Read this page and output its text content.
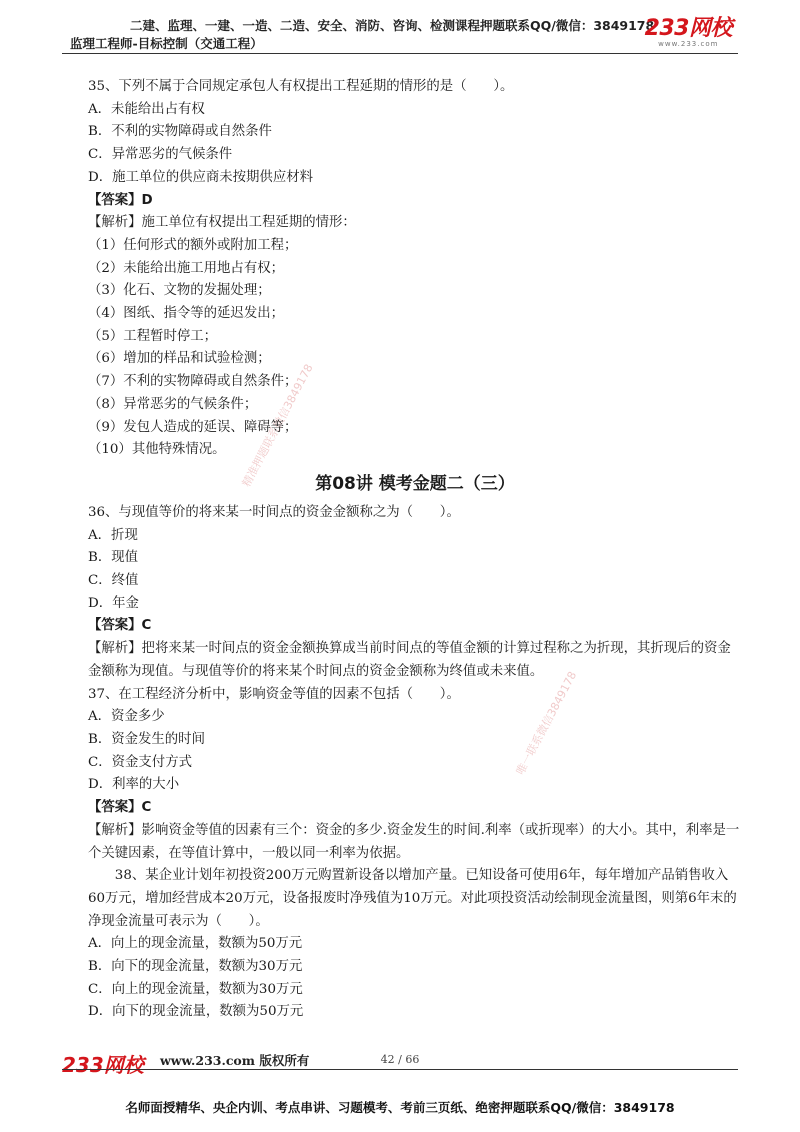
二建、监理、一建、一造、二造、安全、消防、咨询、检测课程押题联系QQ/微信：3849178
监理工程师-目标控制（交通工程）
233网校
www.233.com
精准押题联系微信3849178
唯一联系微信3849178
35、下列不属于合同规定承包人有权提出工程延期的情形的是（　　）。
A．未能给出占有权
B．不利的实物障碍或自然条件
C．异常恶劣的气候条件
D．施工单位的供应商未按期供应材料
【答案】D
【解析】施工单位有权提出工程延期的情形：
（1）任何形式的额外或附加工程；
（2）未能给出施工用地占有权；
（3）化石、文物的发掘处理；
（4）图纸、指令等的延迟发出；
（5）工程暂时停工；
（6）增加的样品和试验检测；
（7）不利的实物障碍或自然条件；
（8）异常恶劣的气候条件；
（9）发包人造成的延误、障碍等；
（10）其他特殊情况。
第08讲 模考金题二（三）
36、与现值等价的将来某一时间点的资金金额称之为（　　）。
A．折现
B．现值
C．终值
D．年金
【答案】C
【解析】把将来某一时间点的资金金额换算成当前时间点的等值金额的计算过程称之为折现，其折现后的资金金额称为现值。与现值等价的将来某个时间点的资金金额称为终值或未来值。
37、在工程经济分析中，影响资金等值的因素不包括（　　）。
A．资金多少
B．资金发生的时间
C．资金支付方式
D．利率的大小
【答案】C
【解析】影响资金等值的因素有三个：资金的多少.资金发生的时间.利率（或折现率）的大小。其中，利率是一个关键因素，在等值计算中，一般以同一利率为依据。
38、某企业计划年初投资200万元购置新设备以增加产量。已知设备可使用6年，每年增加产品销售收入60万元，增加经营成本20万元，设备报废时净残值为10万元。对此项投资活动绘制现金流量图，则第6年末的净现金流量可表示为（　　）。
A．向上的现金流量，数额为50万元
B．向下的现金流量，数额为30万元
C．向上的现金流量，数额为30万元
D．向下的现金流量，数额为50万元
233网校 www.233.com 版权所有	42 / 66
名师面授精华、央企内训、考点串讲、习题模考、考前三页纸、绝密押题联系QQ/微信：3849178
